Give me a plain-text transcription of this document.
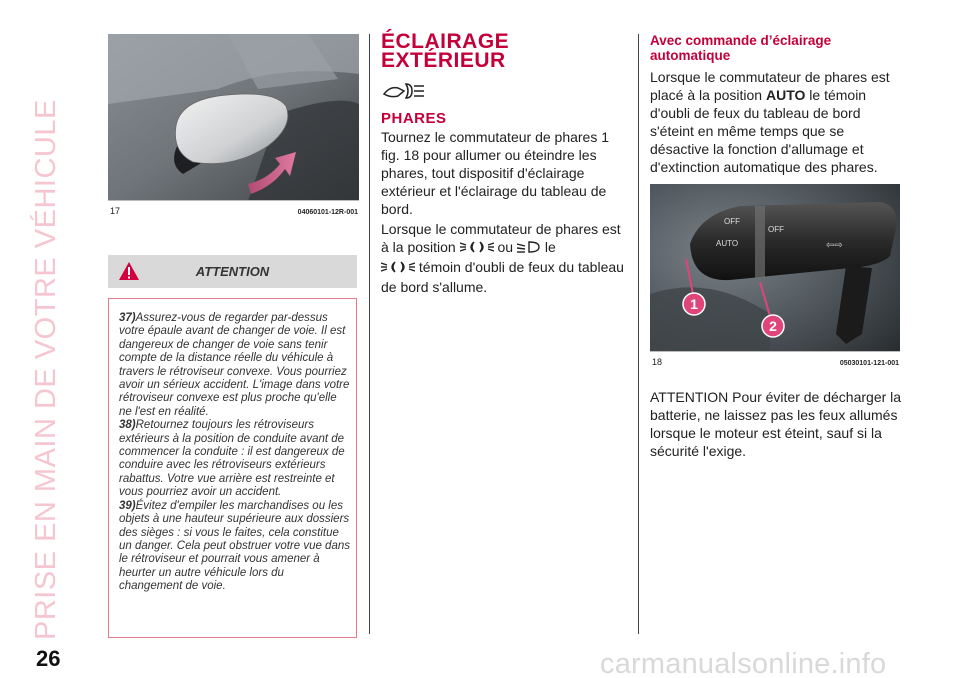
PRISE EN MAIN DE VOTRE VÉHICULE
26	carmanualsonline.info
17	04060101-12R-001
ATTENTION

37)Assurez-vous de regarder par-dessus votre épaule avant de changer de voie. Il est dangereux de changer de voie sans tenir compte de la distance réelle du véhicule à travers le rétroviseur convexe. Vous pourriez avoir un sérieux accident. L'image dans votre rétroviseur convexe est plus proche qu'elle ne l'est en réalité.

38)Retournez toujours les rétroviseurs extérieurs à la position de conduite avant de commencer la conduite : il est dangereux de conduire avec les rétroviseurs extérieurs rabattus. Votre vue arrière est restreinte et vous pourriez avoir un accident.

39)Évitez d'empiler les marchandises ou les objets à une hauteur supérieure aux dossiers des sièges : si vous le faites, cela constitue un danger. Cela peut obstruer votre vue dans le rétroviseur et pourrait vous amener à heurter un autre véhicule lors du changement de voie.

ÉCLAIRAGE
EXTÉRIEUR
PHARES
Tournez le commutateur de phares 1 fig. 18 pour allumer ou éteindre les phares, tout dispositif d'éclairage extérieur et l'éclairage du tableau de bord.
Lorsque le commutateur de phares est à la position	ou le
témoin d'oubli de feux du tableau de bord s'allume.
Avec commande d’éclairage automatique
Lorsque le commutateur de phares est placé à la position AUTO le témoin d'oubli de feux du tableau de bord s'éteint en même temps que se désactive la fonction d'allumage et d'extinction automatique des phares.
OFF
AUTO
OFF
⇦⇨
1
2
18	05030101-121-001
ATTENTION Pour éviter de décharger la batterie, ne laissez pas les feux allumés lorsque le moteur est éteint, sauf si la sécurité l'exige.
